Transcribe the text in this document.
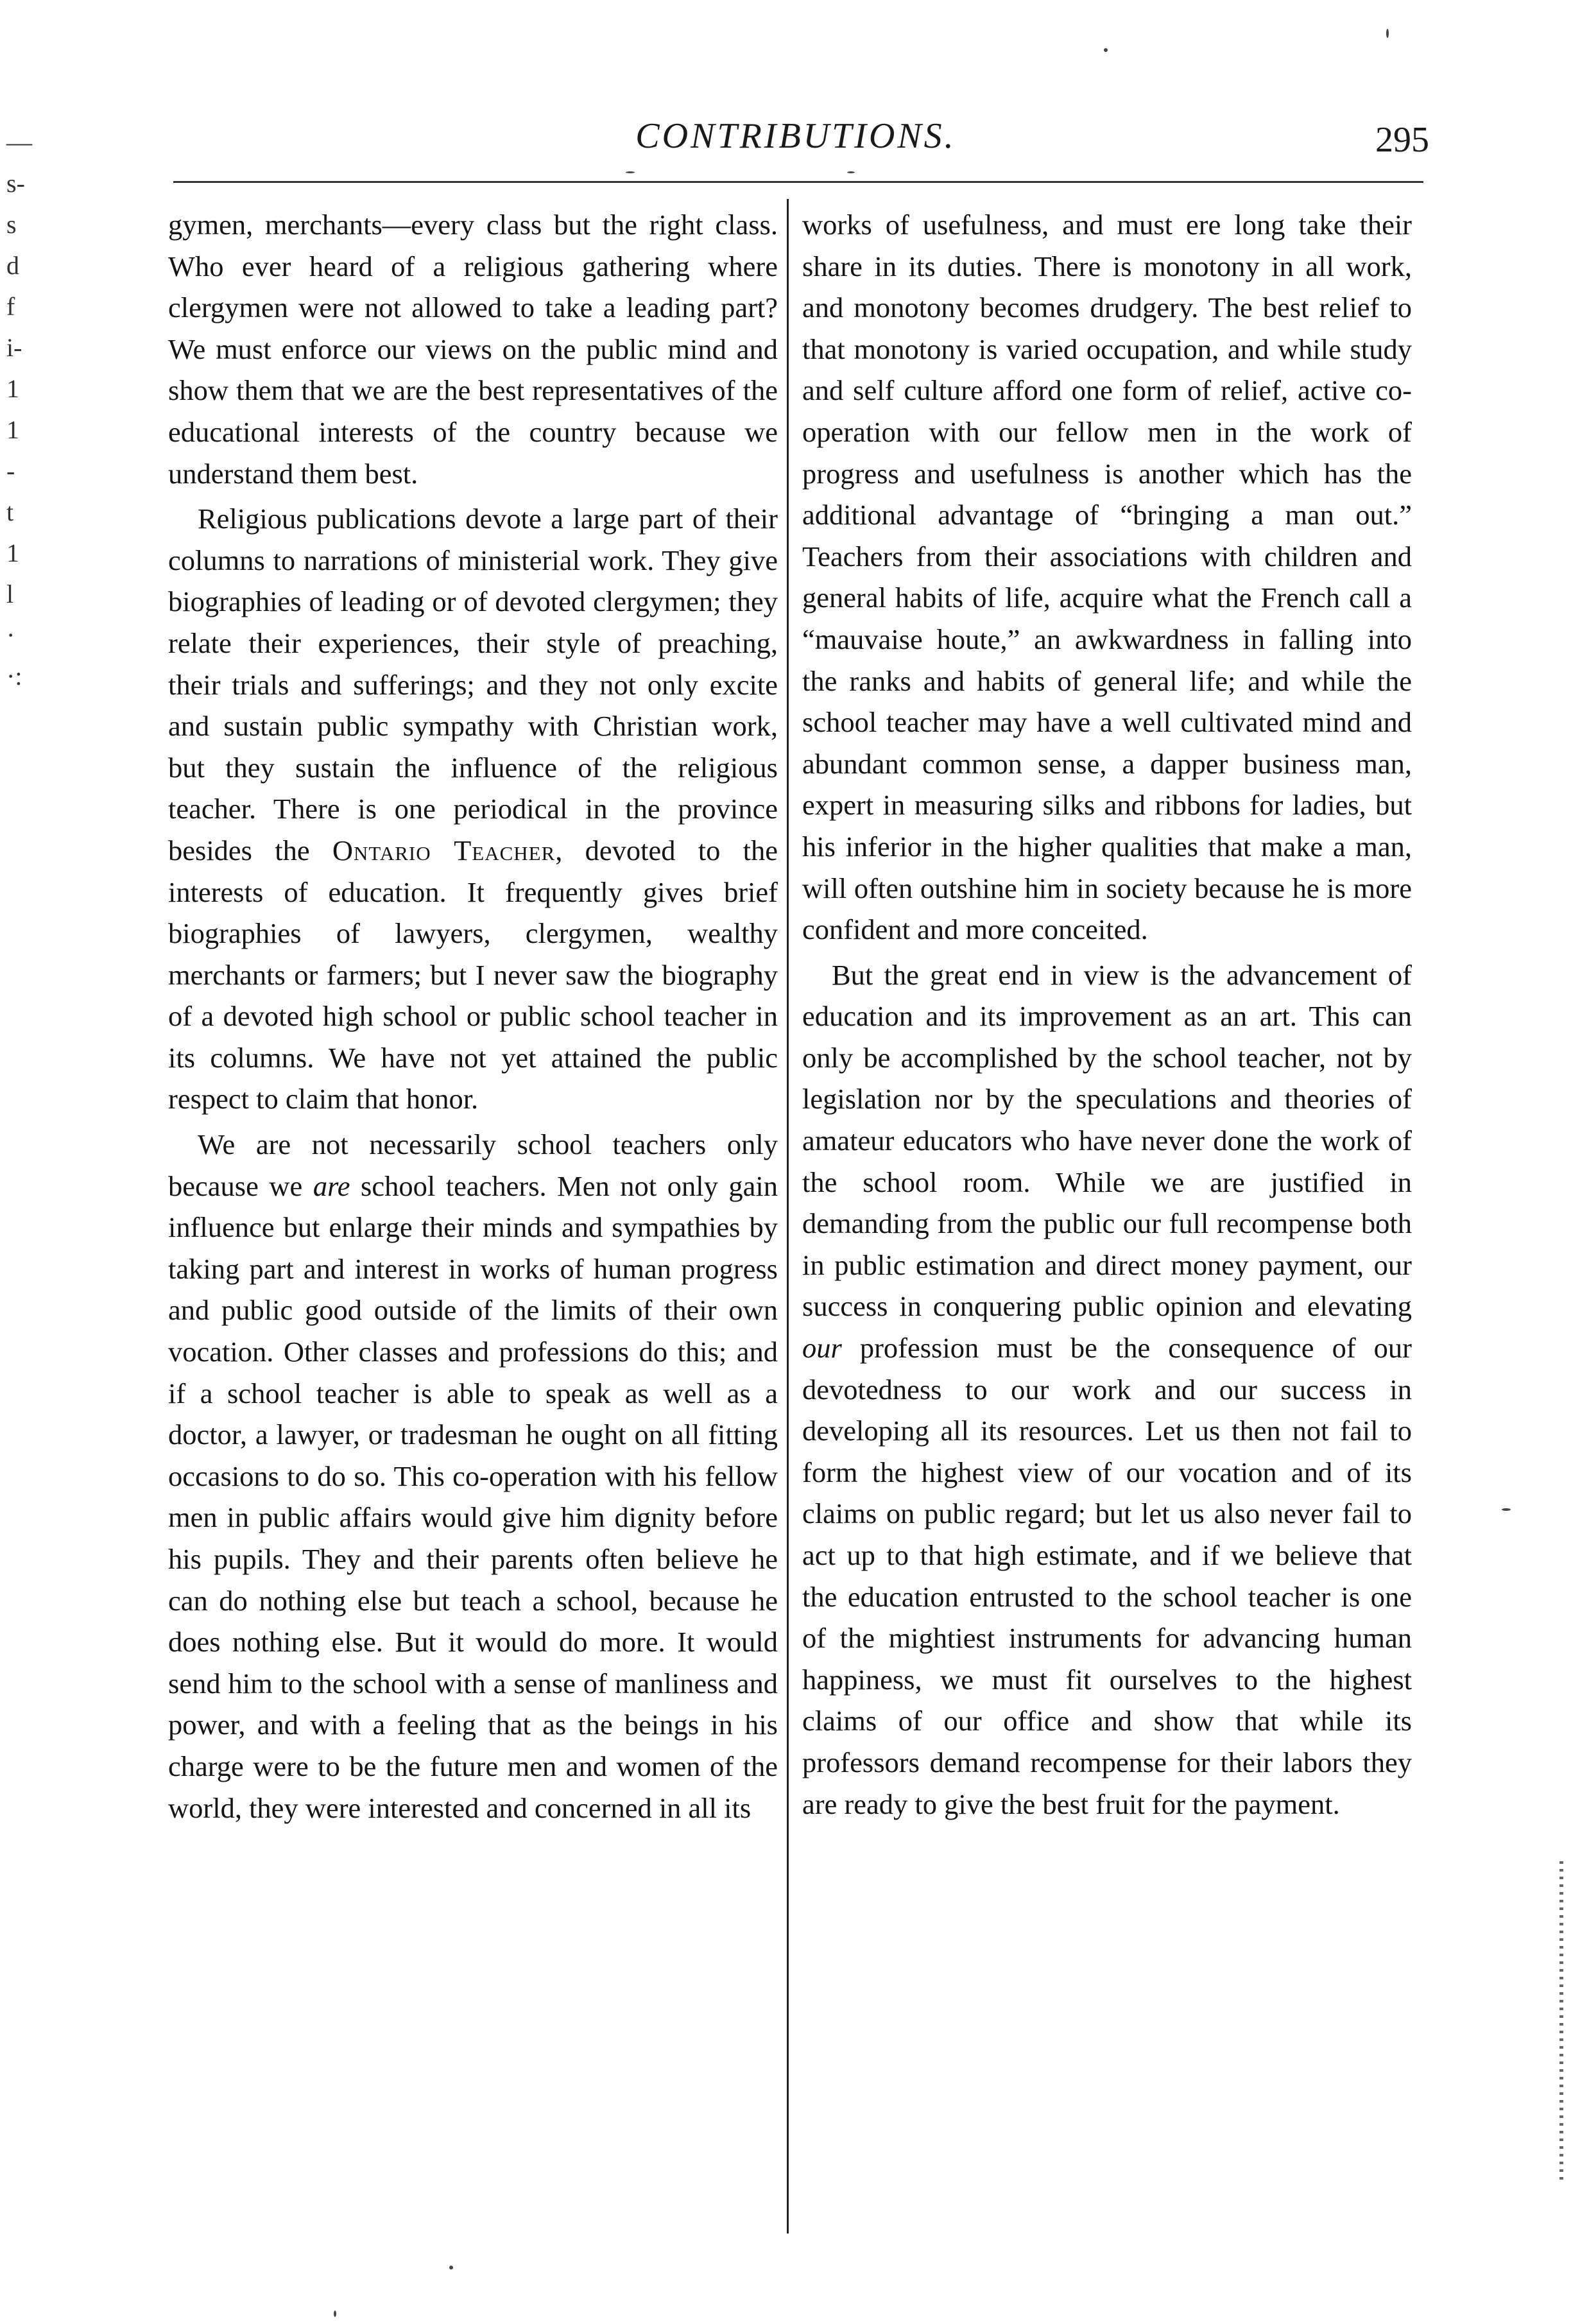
—
s-
s
d
f
i-
1
1
-
t
1
l
·
·:
CONTRIBUTIONS.	295

gymen, merchants—every class but the right class. Who ever heard of a religious gathering where clergymen were not allowed to take a leading part? We must enforce our views on the public mind and show them that we are the best representatives of the educational interests of the country because we understand them best.

Religious publications devote a large part of their columns to narrations of ministerial work. They give biographies of leading or of devoted clergymen; they relate their experiences, their style of preaching, their trials and sufferings; and they not only excite and sustain public sympathy with Christian work, but they sustain the influence of the religious teacher. There is one periodical in the province besides the Ontario Teacher, devoted to the interests of education. It frequently gives brief biographies of lawyers, clergymen, wealthy merchants or farmers; but I never saw the biography of a devoted high school or public school teacher in its columns. We have not yet attained the public respect to claim that honor.

We are not necessarily school teachers only because we are school teachers. Men not only gain influence but enlarge their minds and sympathies by taking part and interest in works of human progress and public good outside of the limits of their own vocation. Other classes and professions do this; and if a school teacher is able to speak as well as a doctor, a lawyer, or tradesman he ought on all fitting occasions to do so. This co-operation with his fellow men in public affairs would give him dignity before his pupils. They and their parents often believe he can do nothing else but teach a school, because he does nothing else. But it would do more. It would send him to the school with a sense of manliness and power, and with a feeling that as the beings in his charge were to be the future men and women of the world, they were interested and concerned in all its

works of usefulness, and must ere long take their share in its duties. There is monotony in all work, and monotony becomes drudgery. The best relief to that monotony is varied occupation, and while study and self culture afford one form of relief, active co-operation with our fellow men in the work of progress and usefulness is another which has the additional advantage of “bringing a man out.” Teachers from their associations with children and general habits of life, acquire what the French call a “mauvaise houte,” an awkwardness in falling into the ranks and habits of general life; and while the school teacher may have a well cultivated mind and abundant common sense, a dapper business man, expert in measuring silks and ribbons for ladies, but his inferior in the higher qualities that make a man, will often outshine him in society because he is more confident and more conceited.

But the great end in view is the advancement of education and its improvement as an art. This can only be accomplished by the school teacher, not by legislation nor by the speculations and theories of amateur educators who have never done the work of the school room. While we are justified in demanding from the public our full recompense both in public estimation and direct money payment, our success in conquering public opinion and elevating our profession must be the consequence of our devotedness to our work and our success in developing all its resources. Let us then not fail to form the highest view of our vocation and of its claims on public regard; but let us also never fail to act up to that high estimate, and if we believe that the education entrusted to the school teacher is one of the mightiest instruments for advancing human happiness, we must fit ourselves to the highest claims of our office and show that while its professors demand recompense for their labors they are ready to give the best fruit for the payment.
